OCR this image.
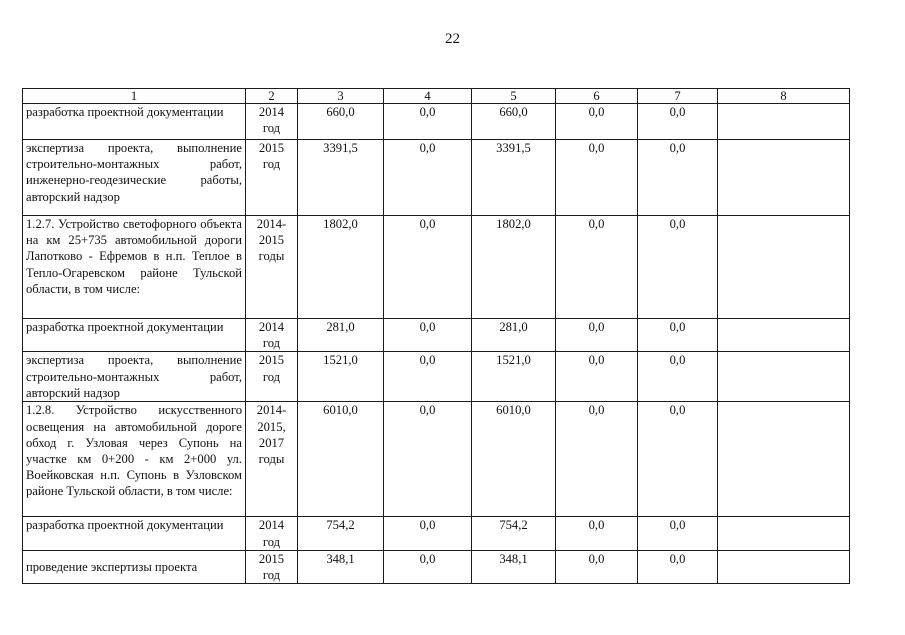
22
1	2	3	4	5	6	7	8
разработка проектной документации	2014 год	660,0	0,0	660,0	0,0	0,0	
экспертиза проекта, выполнение строительно-монтажных работ, инженерно-геодезические работы, авторский надзор	2015 год	3391,5	0,0	3391,5	0,0	0,0	
1.2.7. Устройство светофорного объекта на км 25+735 автомобильной дороги Лапотково - Ефремов в н.п. Теплое в Тепло-Огаревском районе Тульской области, в том числе:	2014-2015 годы	1802,0	0,0	1802,0	0,0	0,0	
разработка проектной документации	2014 год	281,0	0,0	281,0	0,0	0,0	
экспертиза проекта, выполнение строительно-монтажных работ, авторский надзор	2015 год	1521,0	0,0	1521,0	0,0	0,0	
1.2.8. Устройство искусственного освещения на автомобильной дороге обход г. Узловая через Супонь на участке км 0+200 - км 2+000 ул. Воейковская н.п. Супонь в Узловском районе Тульской области, в том числе:	2014-2015, 2017 годы	6010,0	0,0	6010,0	0,0	0,0	
разработка проектной документации	2014 год	754,2	0,0	754,2	0,0	0,0	
проведение экспертизы проекта	2015 год	348,1	0,0	348,1	0,0	0,0	
